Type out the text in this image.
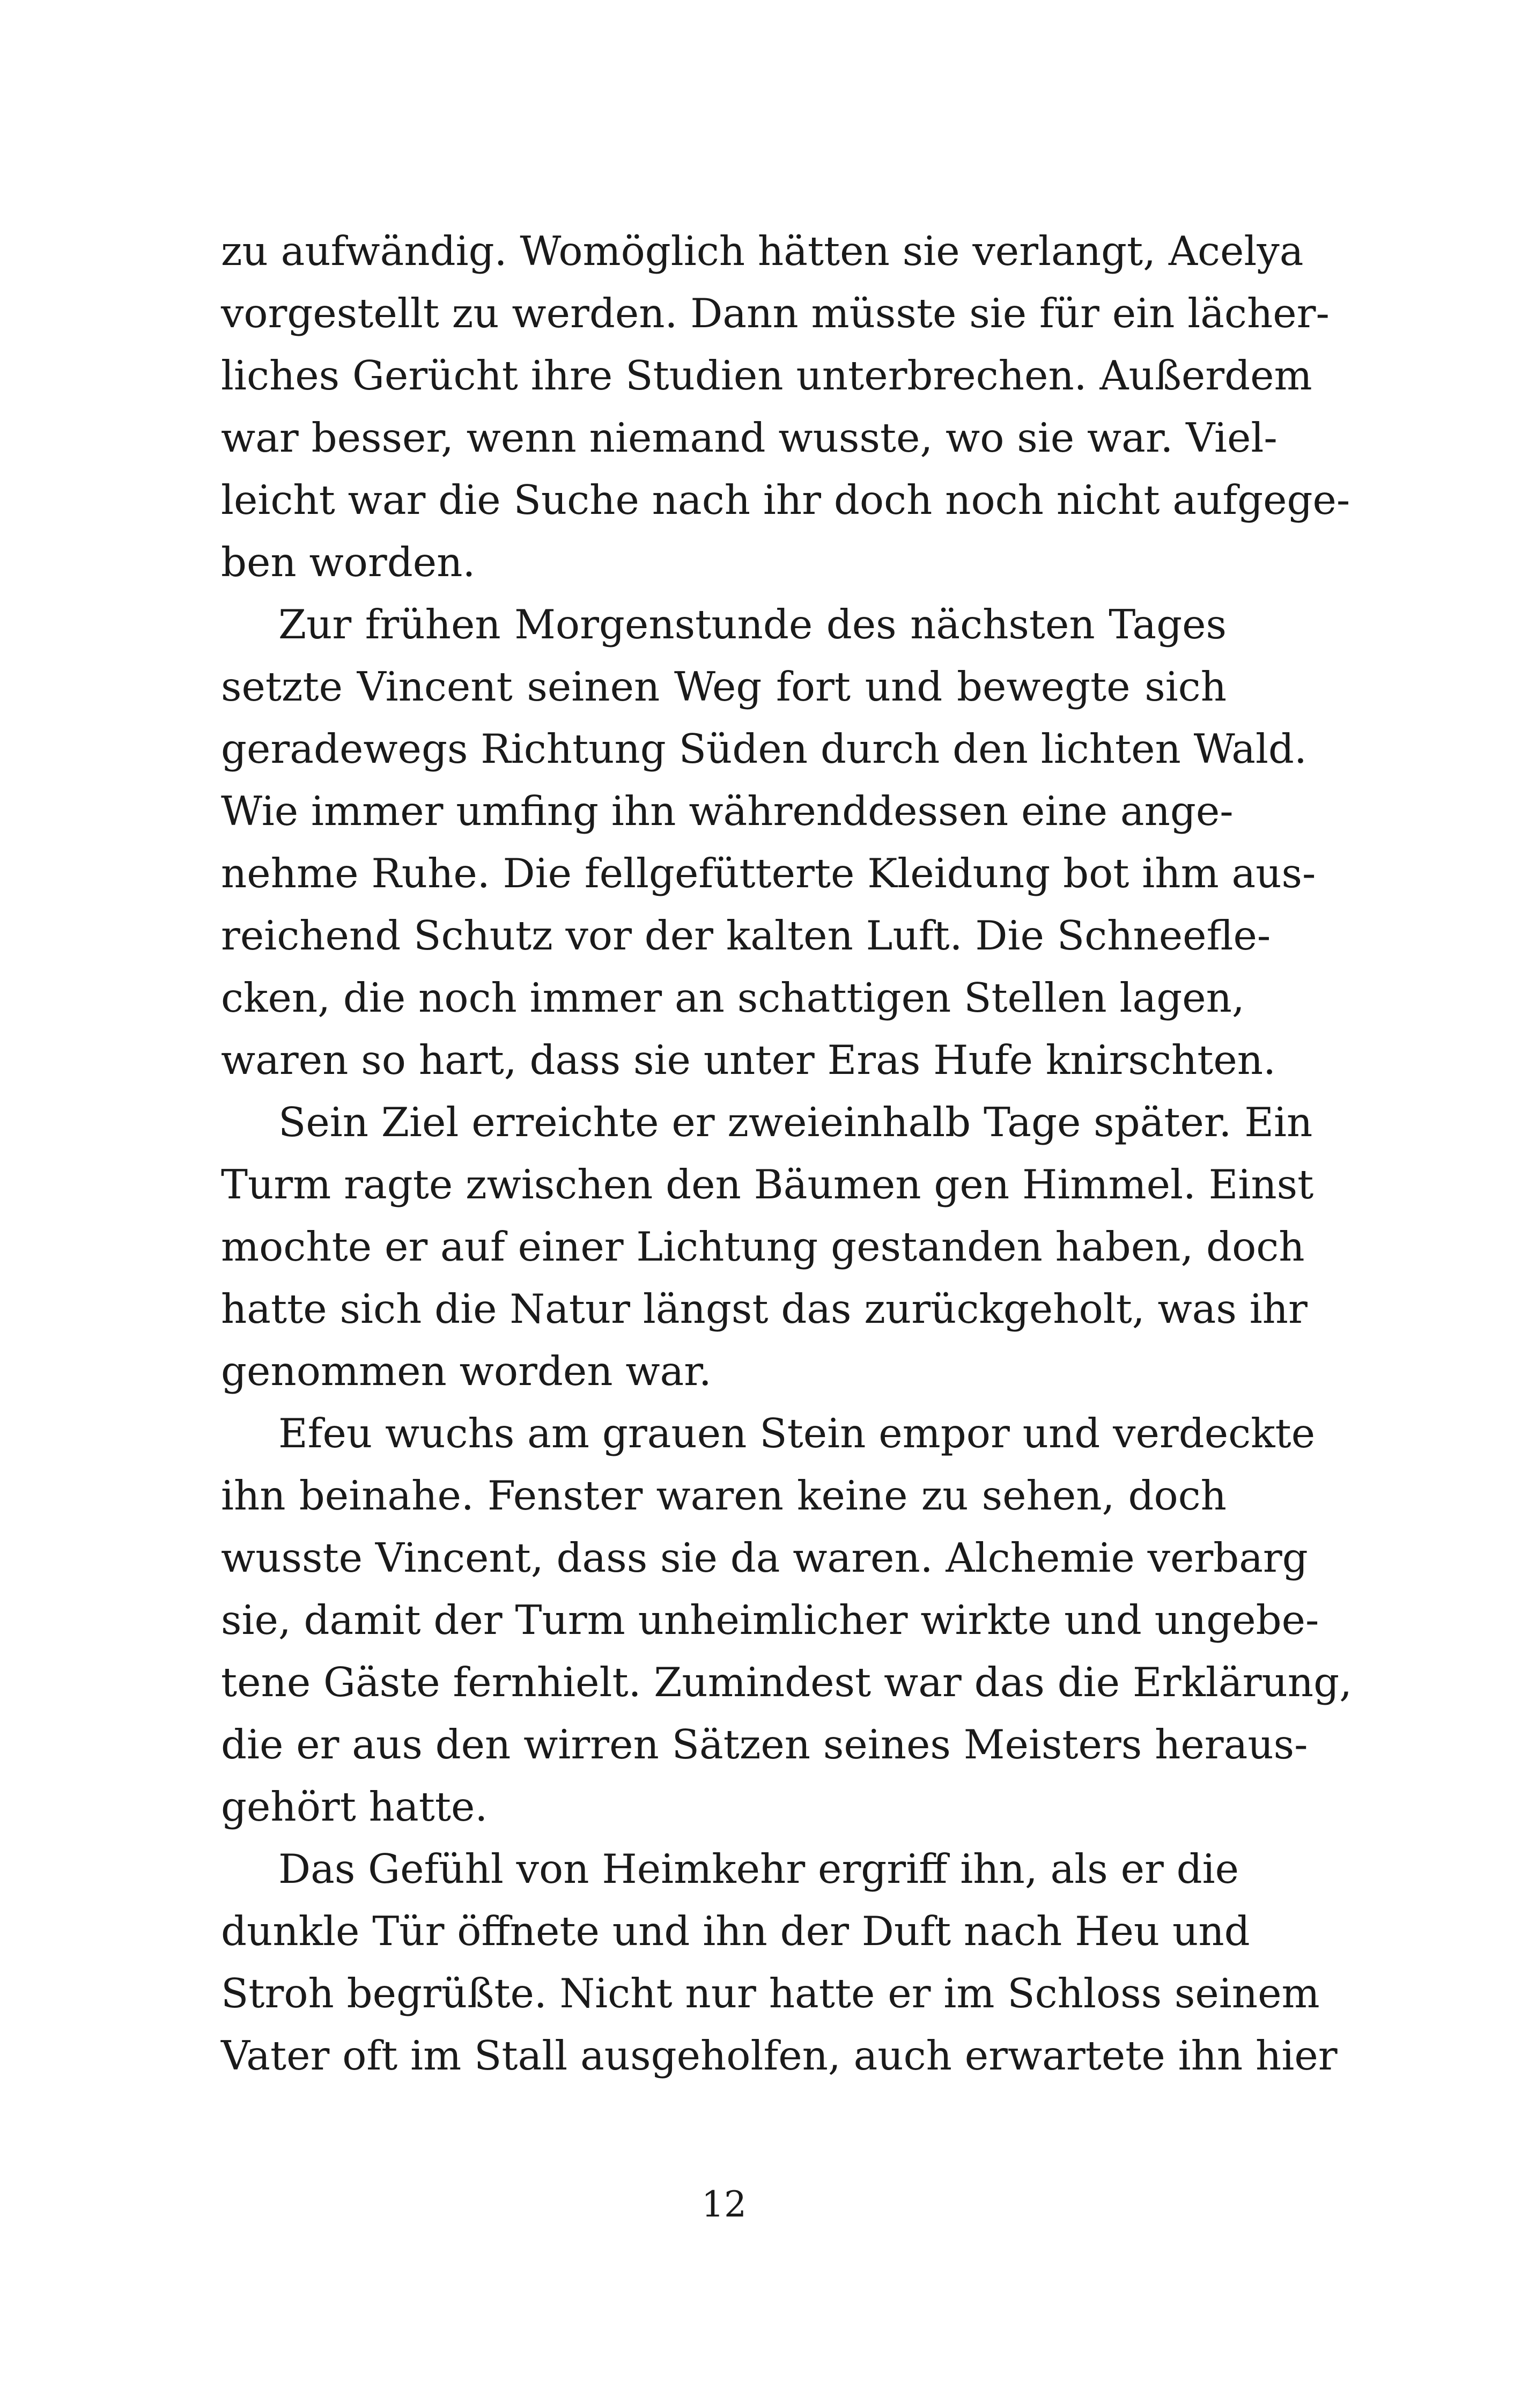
zu aufwändig. Womöglich hätten sie verlangt, Acelya
vorgestellt zu werden. Dann müsste sie für ein lächer-
liches Gerücht ihre Studien unterbrechen. Außerdem
war besser, wenn niemand wusste, wo sie war. Viel-
leicht war die Suche nach ihr doch noch nicht aufgege-
ben worden.
Zur frühen Morgenstunde des nächsten Tages
setzte Vincent seinen Weg fort und bewegte sich
geradewegs Richtung Süden durch den lichten Wald.
Wie immer umfing ihn währenddessen eine ange-
nehme Ruhe. Die fellgefütterte Kleidung bot ihm aus-
reichend Schutz vor der kalten Luft. Die Schneefle-
cken, die noch immer an schattigen Stellen lagen,
waren so hart, dass sie unter Eras Hufe knirschten.
Sein Ziel erreichte er zweieinhalb Tage später. Ein
Turm ragte zwischen den Bäumen gen Himmel. Einst
mochte er auf einer Lichtung gestanden haben, doch
hatte sich die Natur längst das zurückgeholt, was ihr
genommen worden war.
Efeu wuchs am grauen Stein empor und verdeckte
ihn beinahe. Fenster waren keine zu sehen, doch
wusste Vincent, dass sie da waren. Alchemie verbarg
sie, damit der Turm unheimlicher wirkte und ungebe-
tene Gäste fernhielt. Zumindest war das die Erklärung,
die er aus den wirren Sätzen seines Meisters heraus-
gehört hatte.
Das Gefühl von Heimkehr ergriff ihn, als er die
dunkle Tür öffnete und ihn der Duft nach Heu und
Stroh begrüßte. Nicht nur hatte er im Schloss seinem
Vater oft im Stall ausgeholfen, auch erwartete ihn hier
12
